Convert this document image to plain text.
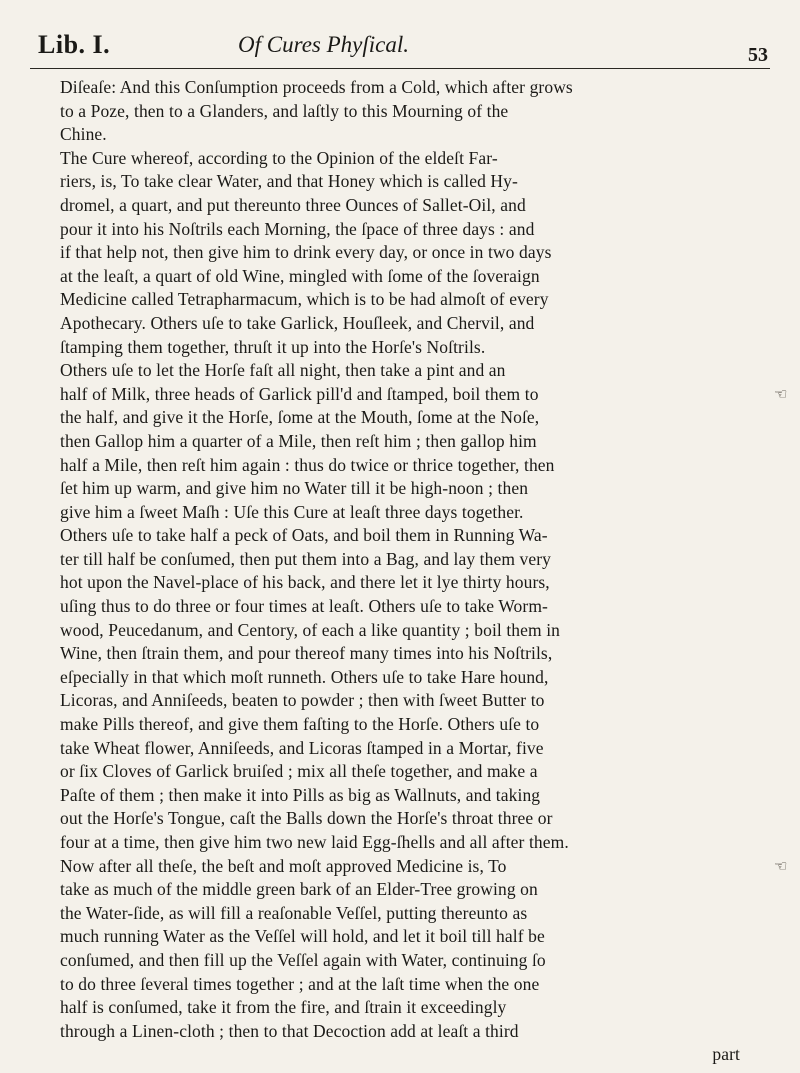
Lib. I.	Of Cures Phyſical.	53
Diſeaſe: And this Conſumption proceeds from a Cold, which after grows
to a Poze, then to a Glanders, and laſtly to this Mourning of the
Chine.
The Cure whereof, according to the Opinion of the eldeſt Far-
riers, is, To take clear Water, and that Honey which is called Hy-
dromel, a quart, and put thereunto three Ounces of Sallet-Oil, and
pour it into his Noſtrils each Morning, the ſpace of three days : and
if that help not, then give him to drink every day, or once in two days
at the leaſt, a quart of old Wine, mingled with ſome of the ſoveraign
Medicine called Tetrapharmacum, which is to be had almoſt of every
Apothecary. Others uſe to take Garlick, Houſleek, and Chervil, and
ſtamping them together, thruſt it up into the Horſe's Noſtrils.
Others uſe to let the Horſe faſt all night, then take a pint and an
half of Milk, three heads of Garlick pill'd and ſtamped, boil them to
the half, and give it the Horſe, ſome at the Mouth, ſome at the Noſe,
then Gallop him a quarter of a Mile, then reſt him ; then gallop him
half a Mile, then reſt him again : thus do twice or thrice together, then
ſet him up warm, and give him no Water till it be high-noon ; then
give him a ſweet Maſh : Uſe this Cure at leaſt three days together.
Others uſe to take half a peck of Oats, and boil them in Running Wa-
ter till half be conſumed, then put them into a Bag, and lay them very
hot upon the Navel-place of his back, and there let it lye thirty hours,
uſing thus to do three or four times at leaſt. Others uſe to take Worm-
wood, Peucedanum, and Centory, of each a like quantity ; boil them in
Wine, then ſtrain them, and pour thereof many times into his Noſtrils,
eſpecially in that which moſt runneth. Others uſe to take Hare hound,
Licoras, and Anniſeeds, beaten to powder ; then with ſweet Butter to
make Pills thereof, and give them faſting to the Horſe. Others uſe to
take Wheat flower, Anniſeeds, and Licoras ſtamped in a Mortar, five
or ſix Cloves of Garlick bruiſed ; mix all theſe together, and make a
Paſte of them ; then make it into Pills as big as Wallnuts, and taking
out the Horſe's Tongue, caſt the Balls down the Horſe's throat three or
four at a time, then give him two new laid Egg-ſhells and all after them.
Now after all theſe, the beſt and moſt approved Medicine is, To
take as much of the middle green bark of an Elder-Tree growing on
the Water-ſide, as will fill a reaſonable Veſſel, putting thereunto as
much running Water as the Veſſel will hold, and let it boil till half be
conſumed, and then fill up the Veſſel again with Water, continuing ſo
to do three ſeveral times together ; and at the laſt time when the one
half is conſumed, take it from the fire, and ſtrain it exceedingly
through a Linen-cloth ; then to that Decoction add at leaſt a third
part
☜
☜
